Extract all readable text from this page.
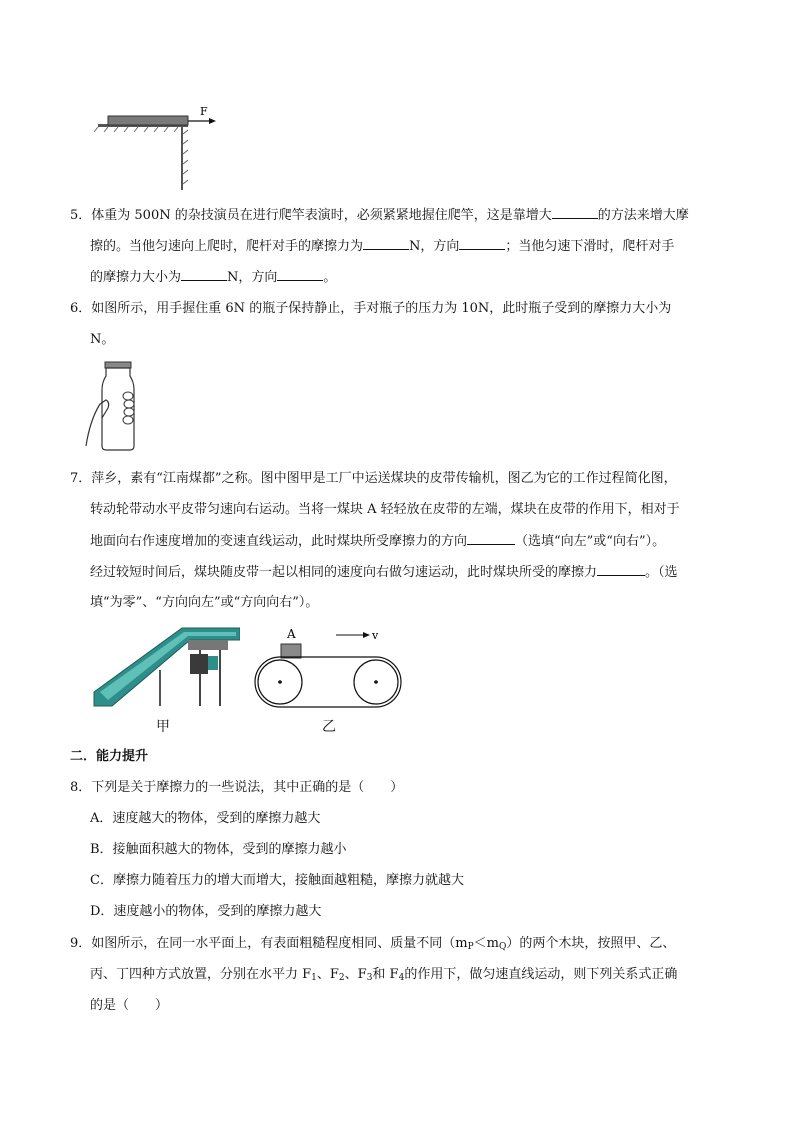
F
5．体重为 500N 的杂技演员在进行爬竿表演时，必须紧紧地握住爬竿，这是靠增大	的方法来增大摩
擦的。当他匀速向上爬时，爬杆对手的摩擦力为	N，方向	；当他匀速下滑时，爬杆对手
的摩擦力大小为	N，方向	。
6．如图所示，用手握住重 6N 的瓶子保持静止，手对瓶子的压力为 10N，此时瓶子受到的摩擦力大小为
N。
7．萍乡，素有“江南煤都”之称。图中图甲是工厂中运送煤块的皮带传输机，图乙为它的工作过程简化图，
转动轮带动水平皮带匀速向右运动。当将一煤块 A 轻轻放在皮带的左端，煤块在皮带的作用下，相对于
地面向右作速度增加的变速直线运动，此时煤块所受摩擦力的方向	（选填“向左”或“向右”）。
经过较短时间后，煤块随皮带一起以相同的速度向右做匀速运动，此时煤块所受的摩擦力	。（选
填“为零”、“方向向左”或“方向向右”）。
甲
A	v
乙
二．能力提升
8．下列是关于摩擦力的一些说法，其中正确的是（　　）
A．速度越大的物体，受到的摩擦力越大
B．接触面积越大的物体，受到的摩擦力越小
C．摩擦力随着压力的增大而增大，接触面越粗糙，摩擦力就越大
D．速度越小的物体，受到的摩擦力越大
9．如图所示，在同一水平面上，有表面粗糙程度相同、质量不同$(m_P<m_Q)$的两个木块，按照甲、乙、
丙、丁四种方式放置，分别在水平力 $F_1$、$F_2$、$F_3$和 $F_4$的作用下，做匀速直线运动，则下列关系式正确
的是（　　）
